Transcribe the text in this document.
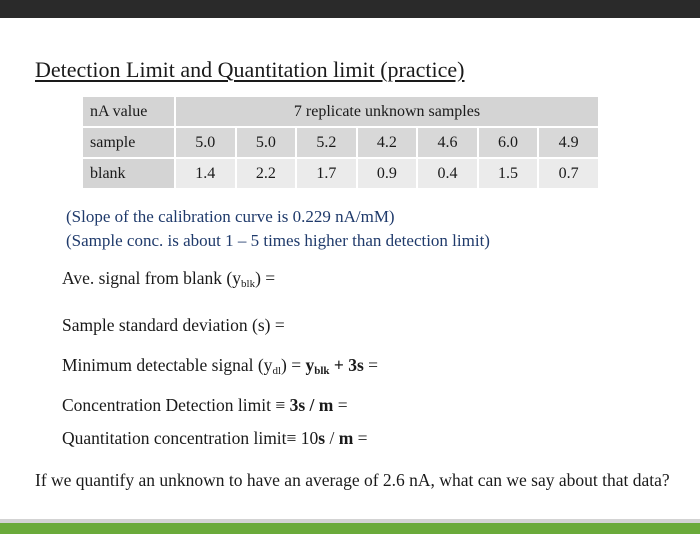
Detection Limit and Quantitation limit (practice)
nA value	7 replicate unknown samples						
sample	5.0	5.0	5.2	4.2	4.6	6.0	4.9
blank	1.4	2.2	1.7	0.9	0.4	1.5	0.7
(Slope of the calibration curve is 0.229 nA/mM)
(Sample conc. is about 1 – 5 times higher than detection limit)
Ave. signal from blank $(y_{blk})$ =
Sample standard deviation (s) =
Minimum detectable signal $(y_{dl}) = y_{blk} + 3s$ =
Concentration Detection limit ≡ 3s / m =
Quantitation concentration limit≡ 10s / m =
If we quantify an unknown to have an average of 2.6 nA, what can we say about that data?
